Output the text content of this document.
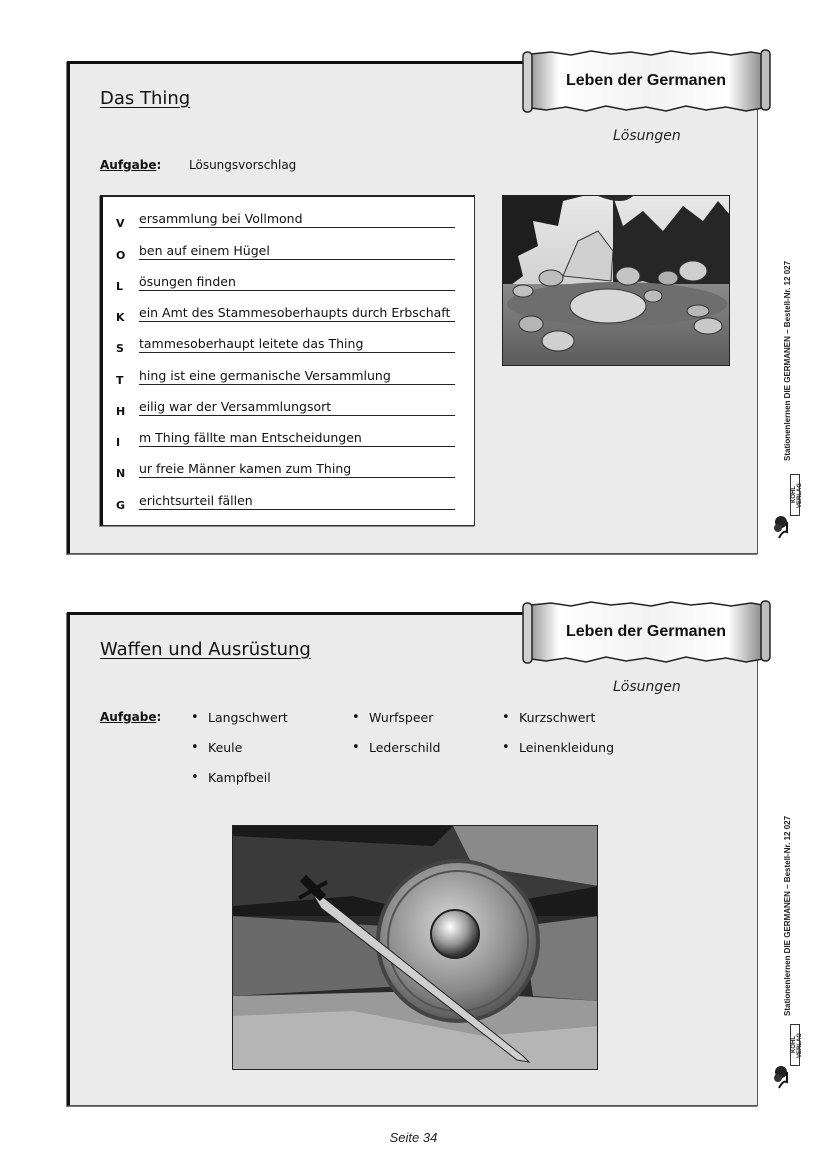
Leben der Germanen
Das Thing
Lösungen
Aufgabe: Lösungsvorschlag
V ersammlung bei Vollmond
O ben auf einem Hügel
L	ösungen finden
K ein Amt des Stammesoberhaupts durch Erbschaft
S	tammesoberhaupt leitete das Thing
T	hing ist eine germanische Versammlung
H eilig war der Versammlungsort
I	m Thing fällte man Entscheidungen
N ur freie Männer kamen zum Thing
G erichtsurteil fällen
Leben der Germanen
Waffen und Ausrüstung
Lösungen
Aufgabe:	• Langschwert	• Wurfspeer	• Kurzschwert
• Keule	• Lederschild	• Leinenkleidung
• Kampfbeil
Stationenlernen DIE GERMANEN – Bestell-Nr. 12 027
KOHL VERLAG
Stationenlernen DIE GERMANEN – Bestell-Nr. 12 027
KOHL VERLAG
Seite 34
